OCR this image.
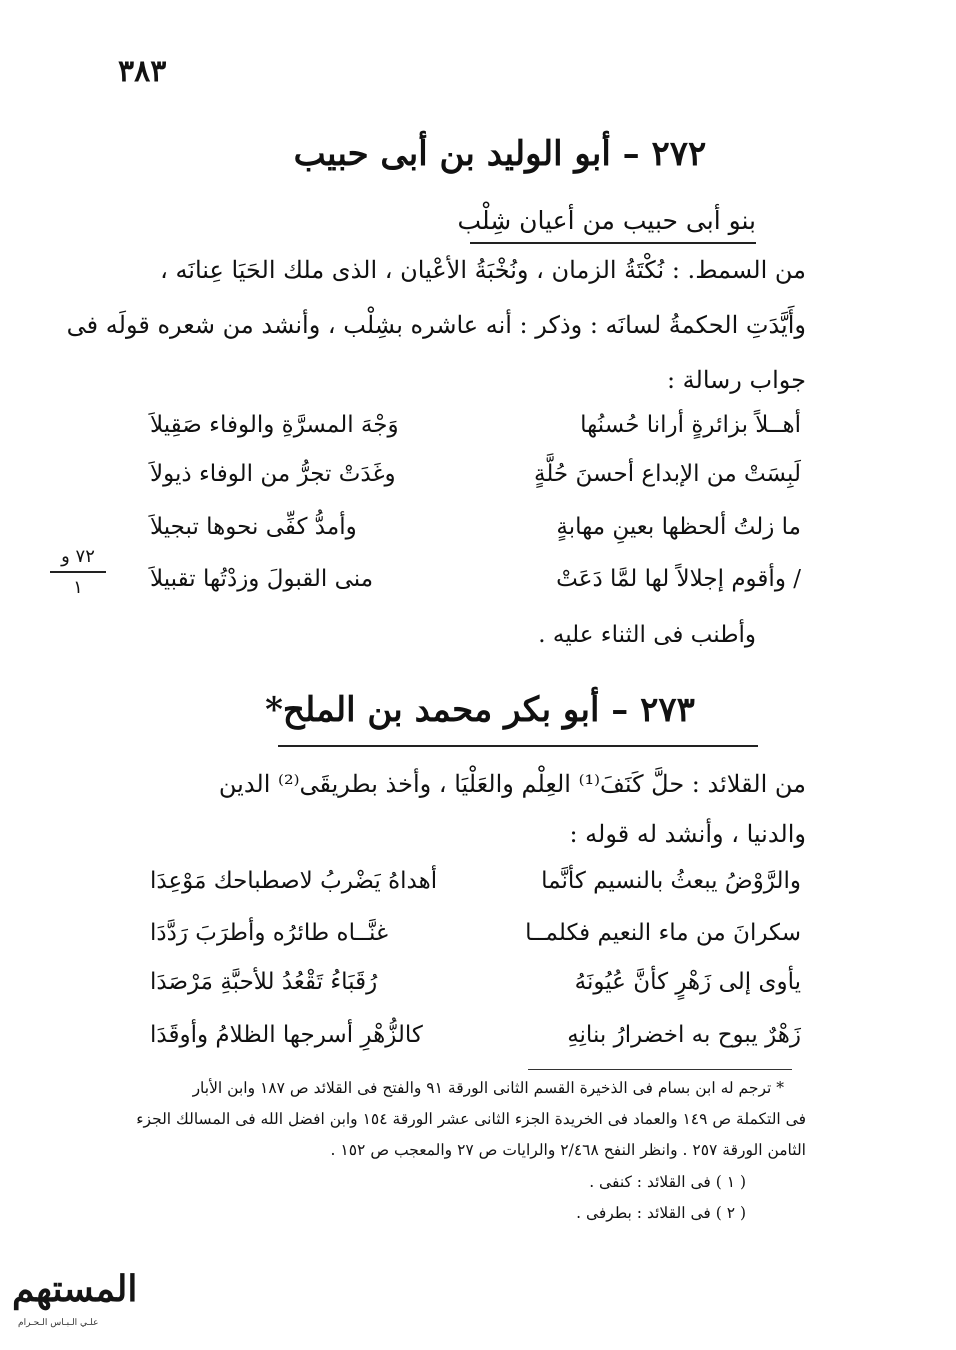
٣٨٣
٢٧٢ – أبو الوليد بن أبى حبيب
بنو أبى حبيب من أعيان شِلْب
من السمط. : نُكْتَةُ الزمان ، ونُخْبَةُ الأعْيان ، الذى ملك الحَيَا عِنانَه ،
وأَيَّدَتِ الحكمةُ لسانَه : وذكر : أنه عاشره بشِلْب ، وأنشد من شعره قولَه فى
جواب رسالة :
أهــلاً بزائرةٍ أرانا حُسنُها
وَجْهَ المسرَّةِ والوفاء صَقِيلاَ
لَبِسَتْ من الإبداع أحسنَ حُلَّةٍ
وغَدَتْ تجرُّ من الوفاء ذيولاَ
ما زلتُ ألحظها بعينِ مهابةٍ
وأمدُّ كفِّى نحوها تبجيلاَ
/ وأقوم إجلالاً لها لمَّا دَعَتْ
منى القبولَ وزدْتُها تقبيلاَ
٧٢ و
١
وأطنب فى الثناء عليه .
٢٧٣ – أبو بكر محمد بن الملح*
من القلائد : حلَّ كَنَفَ⁽¹⁾ العِلْم والعَلْيَا ، وأخذ بطريقَى⁽²⁾ الدين
والدنيا ، وأنشد له قوله :
والرَّوْضُ يبعثُ بالنسيم كأنَّما
أهداهُ يَضْربُ لاصطباحك مَوْعِدَا
سكرانَ من ماء النعيم فكلمــا
غنَّــاه طائرُه وأطرَبَ رَدَّدَا
يأوى إلى زَهْرٍ كأنَّ عُيُونَهُ
رُقَبَاءُ تَقْعُدُ للأحبَّةِ مَرْصَدَا
زَهْرٌ يبوح به اخضرارُ بنانِهِ
كالزُّهْرِ أسرجها الظلامُ وأوقَدَا
* ترجم له ابن بسام فى الذخيرة القسم الثانى الورقة ٩١ والفتح فى القلائد ص ١٨٧ وابن الأبار
فى التكملة ص ١٤٩ والعماد فى الخريدة الجزء الثانى عشر الورقة ١٥٤ وابن افضل الله فى المسالك الجزء
الثامن الورقة ٢٥٧ . وانظر النفح ٢/٤٦٨ والرايات ص ٢٧ والمعجب ص ١٥٢ .
( ١ ) فى القلائد : كنفى .
( ٢ ) فى القلائد : بطرفى .
المستهم
علـي الـبـاس الـحـرام
